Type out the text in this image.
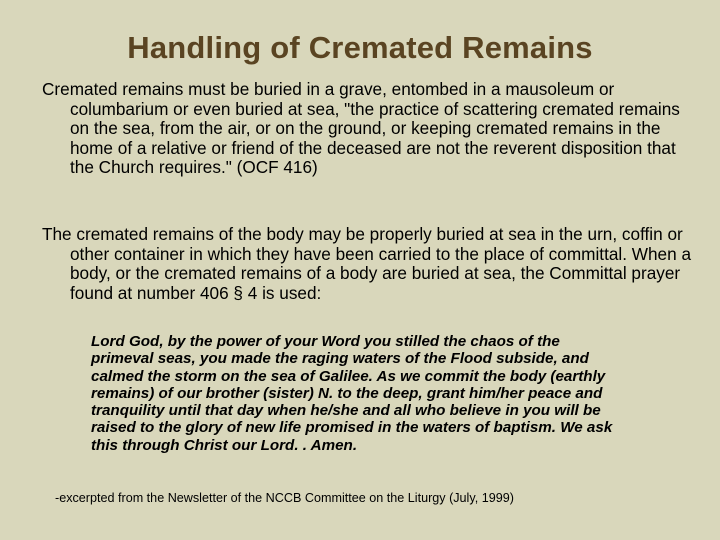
Handling of Cremated Remains
Cremated remains must be buried in a grave, entombed in a mausoleum or columbarium or even buried at sea, "the practice of scattering cremated remains on the sea, from the air, or on the ground, or keeping cremated remains in the home of a relative or friend of the deceased are not the reverent disposition that the Church requires." (OCF 416)
The cremated remains of the body may be properly buried at sea in the urn, coffin or other container in which they have been carried to the place of committal. When a body, or the cremated remains of a body are buried at sea, the Committal prayer found at number 406 § 4 is used:
Lord God, by the power of your Word you stilled the chaos of the primeval seas, you made the raging waters of the Flood subside, and calmed the storm on the sea of Galilee. As we commit the body (earthly remains) of our brother (sister) N. to the deep, grant him/her peace and tranquility until that day when he/she and all who believe in you will be raised to the glory of new life promised in the waters of baptism. We ask this through Christ our Lord. . Amen.
-excerpted from the Newsletter of the NCCB Committee on the Liturgy (July, 1999)
